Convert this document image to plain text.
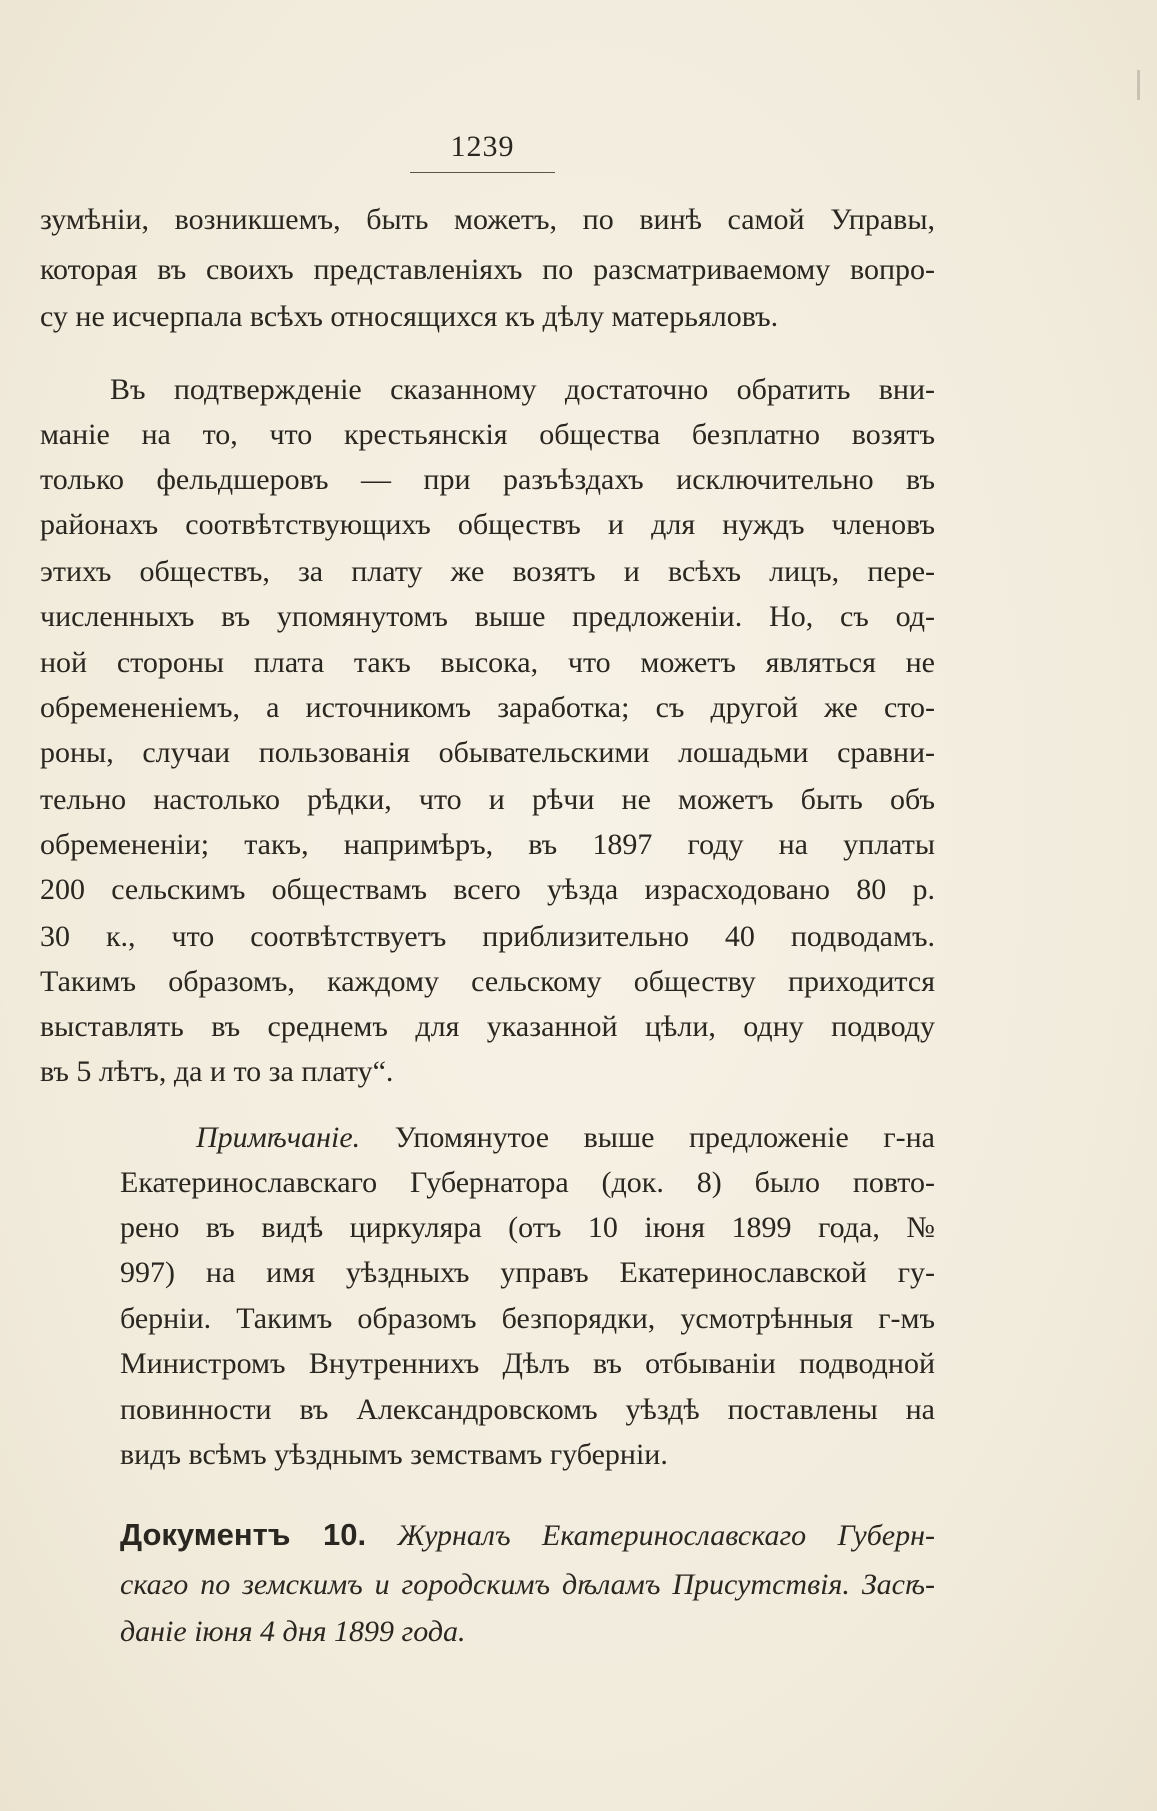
1239
зумѣніи, возникшемъ, быть можетъ, по винѣ самой Управы,
которая въ своихъ представленіяхъ по разсматриваемому вопро-
су не исчерпала всѣхъ относящихся къ дѣлу матерьяловъ.
Въ подтвержденіе сказанному достаточно обратить вни-
маніе на то, что крестьянскія общества безплатно возятъ
только фельдшеровъ — при разъѣздахъ исключительно въ
районахъ соотвѣтствующихъ обществъ и для нуждъ членовъ
этихъ обществъ, за плату же возятъ и всѣхъ лицъ, пере-
численныхъ въ упомянутомъ выше предложеніи. Но, съ од-
ной стороны плата такъ высока, что можетъ являться не
обремененіемъ, а источникомъ заработка; съ другой же сто-
роны, случаи пользованія обывательскими лошадьми сравни-
тельно настолько рѣдки, что и рѣчи не можетъ быть объ
обремененіи; такъ, напримѣръ, въ 1897 году на уплаты
200 сельскимъ обществамъ всего уѣзда израсходовано 80 р.
30 к., что соотвѣтствуетъ приблизительно 40 подводамъ.
Такимъ образомъ, каждому сельскому обществу приходится
выставлять въ среднемъ для указанной цѣли, одну подводу
въ 5 лѣтъ, да и то за плату“.
Примѣчаніе. Упомянутое выше предложеніе г-на
Екатеринославскаго Губернатора (док. 8) было повто-
рено въ видѣ циркуляра (отъ 10 іюня 1899 года, №
997) на имя уѣздныхъ управъ Екатеринославской гу-
берніи. Такимъ образомъ безпорядки, усмотрѣнныя г-мъ
Министромъ Внутреннихъ Дѣлъ въ отбываніи подводной
повинности въ Александровскомъ уѣздѣ поставлены на
видъ всѣмъ уѣзднымъ земствамъ губерніи.
Документъ 10. Журналъ Екатеринославскаго Губерн-
скаго по земскимъ и городскимъ дѣламъ Присутствія. Засѣ-
даніе іюня 4 дня 1899 года.
